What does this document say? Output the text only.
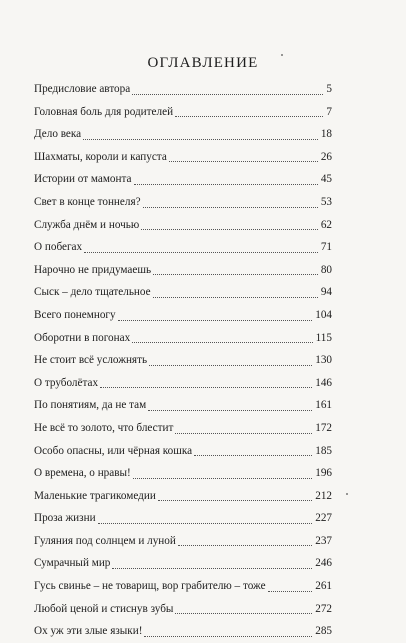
ОГЛАВЛЕНИЕ
Предисловие автора	5
Головная боль для родителей	7
Дело века	18
Шахматы, короли и капуста	26
Истории от мамонта	45
Свет в конце тоннеля?	53
Служба днём и ночью	62
О побегах	71
Нарочно не придумаешь	80
Сыск – дело тщательное	94
Всего понемногу	104
Оборотни в погонах	115
Не стоит всё усложнять	130
О труболëтах	146
По понятиям, да не там	161
Не всё то золото, что блестит	172
Особо опасны, или чёрная кошка	185
О времена, о нравы!	196
Маленькие трагикомедии	212
Проза жизни	227
Гуляния под солнцем и луной	237
Сумрачный мир	246
Гусь свинье – не товарищ, вор грабителю – тоже	261
Любой ценой и стиснув зубы	272
Ох уж эти злые языки!	285
